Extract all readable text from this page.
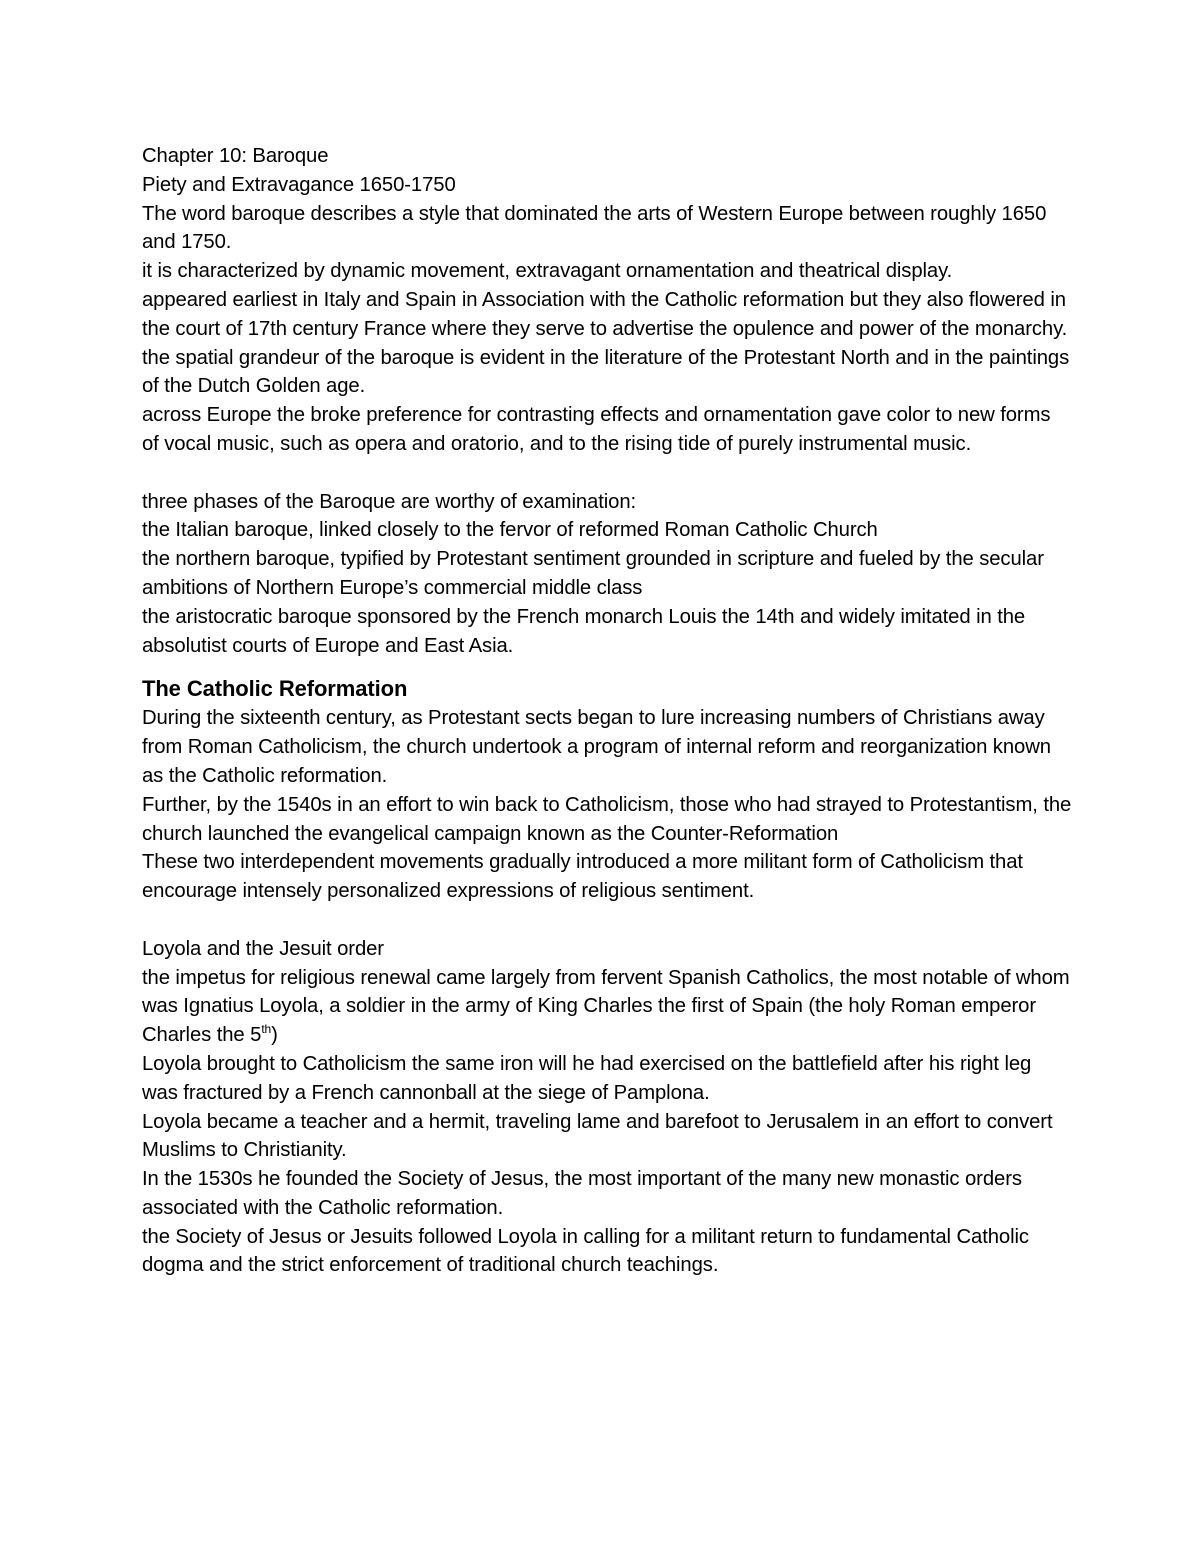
Chapter 10: Baroque
Piety and Extravagance 1650-1750
The word baroque describes a style that dominated the arts of Western Europe between roughly 1650 and 1750.
it is characterized by dynamic movement, extravagant ornamentation and theatrical display.
appeared earliest in Italy and Spain in Association with the Catholic reformation but they also flowered in the court of 17th century France where they serve to advertise the opulence and power of the monarchy.
the spatial grandeur of the baroque is evident in the literature of the Protestant North and in the paintings of the Dutch Golden age.
across Europe the broke preference for contrasting effects and ornamentation gave color to new forms of vocal music, such as opera and oratorio, and to the rising tide of purely instrumental music.
three phases of the Baroque are worthy of examination:
the Italian baroque, linked closely to the fervor of reformed Roman Catholic Church
the northern baroque, typified by Protestant sentiment grounded in scripture and fueled by the secular ambitions of Northern Europe’s commercial middle class
the aristocratic baroque sponsored by the French monarch Louis the 14th and widely imitated in the absolutist courts of Europe and East Asia.
The Catholic Reformation
During the sixteenth century, as Protestant sects began to lure increasing numbers of Christians away from Roman Catholicism, the church undertook a program of internal reform and reorganization known as the Catholic reformation.
Further, by the 1540s in an effort to win back to Catholicism, those who had strayed to Protestantism, the church launched the evangelical campaign known as the Counter-Reformation
These two interdependent movements gradually introduced a more militant form of Catholicism that encourage intensely personalized expressions of religious sentiment.
Loyola and the Jesuit order
the impetus for religious renewal came largely from fervent Spanish Catholics, the most notable of whom was Ignatius Loyola, a soldier in the army of King Charles the first of Spain (the holy Roman emperor Charles the 5th)
Loyola brought to Catholicism the same iron will he had exercised on the battlefield after his right leg was fractured by a French cannonball at the siege of Pamplona.
Loyola became a teacher and a hermit, traveling lame and barefoot to Jerusalem in an effort to convert Muslims to Christianity.
In the 1530s he founded the Society of Jesus, the most important of the many new monastic orders associated with the Catholic reformation.
the Society of Jesus or Jesuits followed Loyola in calling for a militant return to fundamental Catholic dogma and the strict enforcement of traditional church teachings.
